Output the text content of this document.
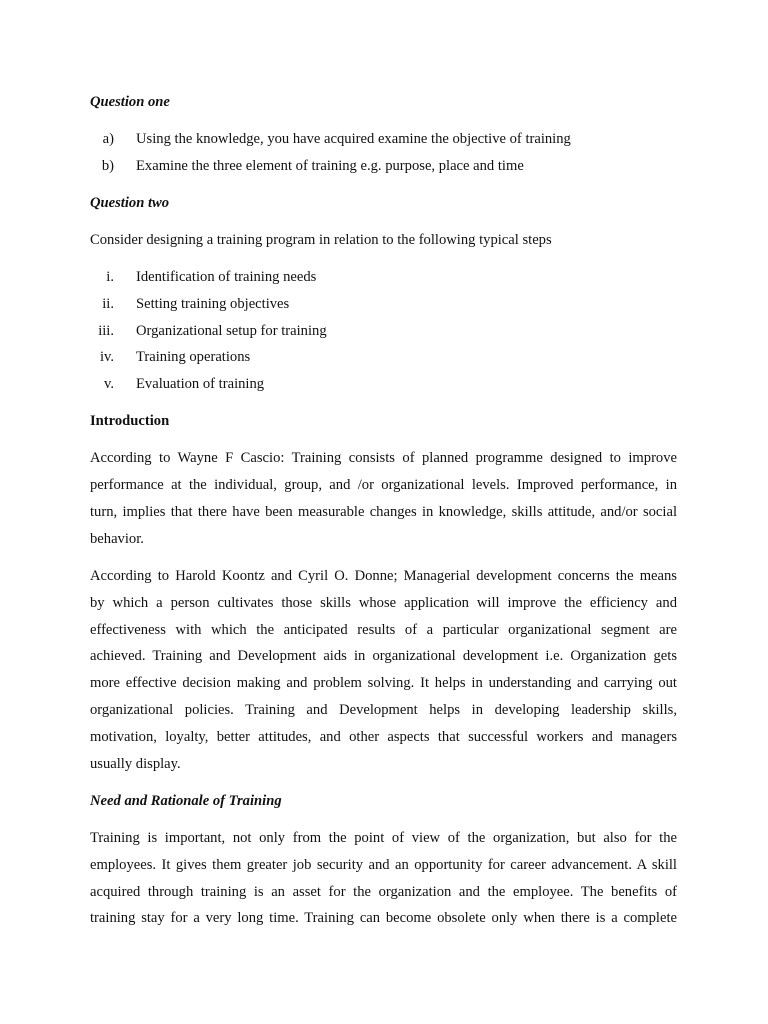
Question one
a) Using the knowledge, you have acquired examine the objective of training
b) Examine the three element of training e.g. purpose, place and time
Question two
Consider designing a training program in relation to the following typical steps
i. Identification of training needs
ii. Setting training objectives
iii. Organizational setup for training
iv. Training operations
v. Evaluation of training
Introduction
According to Wayne F Cascio: Training consists of planned programme designed to improve
performance at the individual, group, and /or organizational levels. Improved performance, in
turn, implies that there have been measurable changes in knowledge, skills attitude, and/or social
behavior.
According to Harold Koontz and Cyril O. Donne; Managerial development concerns the means
by which a person cultivates those skills whose application will improve the efficiency and
effectiveness with which the anticipated results of a particular organizational segment are
achieved. Training and Development aids in organizational development i.e. Organization gets
more effective decision making and problem solving. It helps in understanding and carrying out
organizational policies. Training and Development helps in developing leadership skills,
motivation, loyalty, better attitudes, and other aspects that successful workers and managers
usually display.
Need and Rationale of Training
Training is important, not only from the point of view of the organization, but also for the
employees. It gives them greater job security and an opportunity for career advancement. A skill
acquired through training is an asset for the organization and the employee. The benefits of
training stay for a very long time. Training can become obsolete only when there is a complete
